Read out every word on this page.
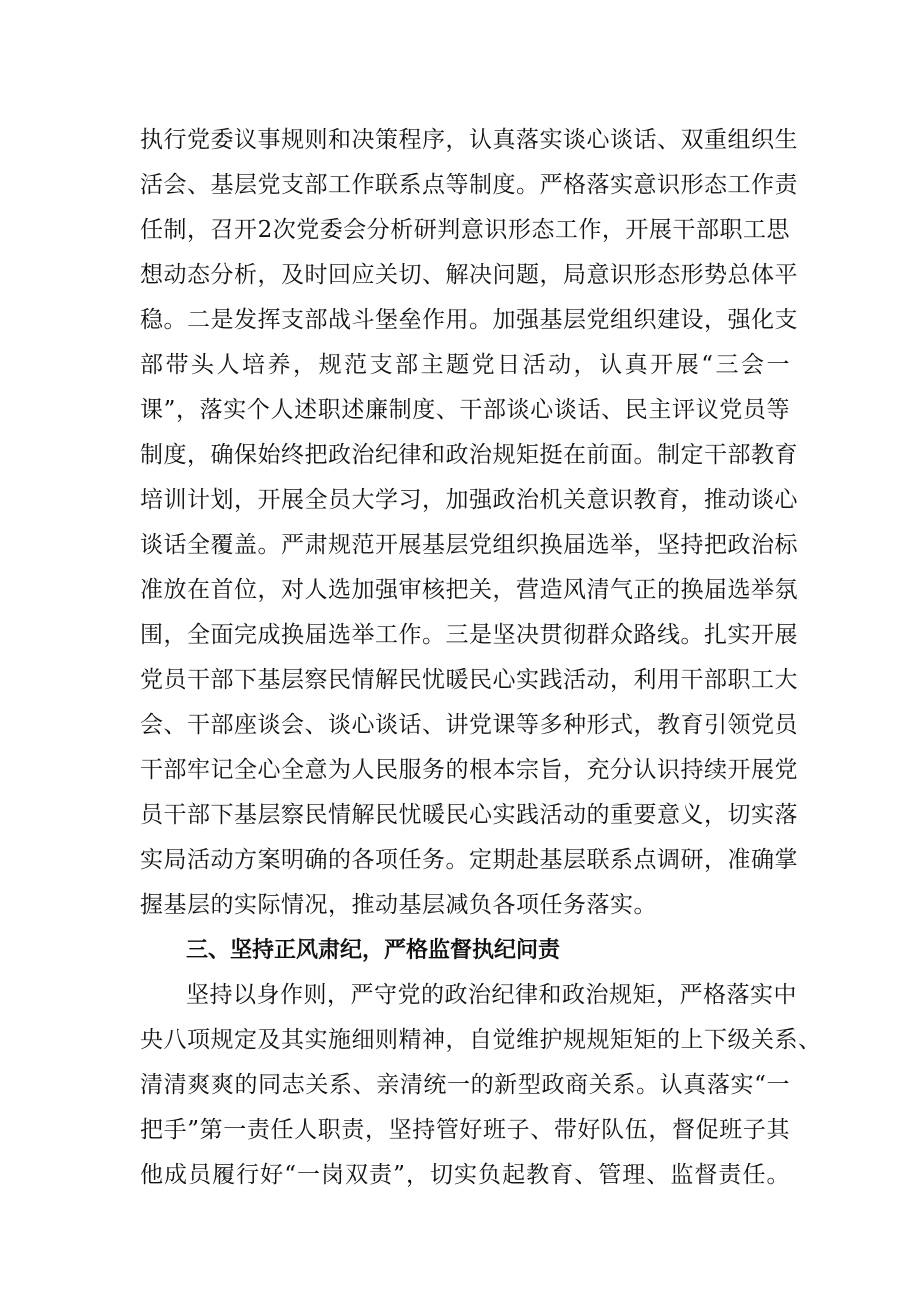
执行党委议事规则和决策程序，认真落实谈心谈话、双重组织生
活会、基层党支部工作联系点等制度。严格落实意识形态工作责
任制，召开2次党委会分析研判意识形态工作，开展干部职工思
想动态分析，及时回应关切、解决问题，局意识形态形势总体平
稳。二是发挥支部战斗堡垒作用。加强基层党组织建设，强化支
部带头人培养，规范支部主题党日活动，认真开展“三会一
课”，落实个人述职述廉制度、干部谈心谈话、民主评议党员等
制度，确保始终把政治纪律和政治规矩挺在前面。制定干部教育
培训计划，开展全员大学习，加强政治机关意识教育，推动谈心
谈话全覆盖。严肃规范开展基层党组织换届选举，坚持把政治标
准放在首位，对人选加强审核把关，营造风清气正的换届选举氛
围，全面完成换届选举工作。三是坚决贯彻群众路线。扎实开展
党员干部下基层察民情解民忧暖民心实践活动，利用干部职工大
会、干部座谈会、谈心谈话、讲党课等多种形式，教育引领党员
干部牢记全心全意为人民服务的根本宗旨，充分认识持续开展党
员干部下基层察民情解民忧暖民心实践活动的重要意义，切实落
实局活动方案明确的各项任务。定期赴基层联系点调研，准确掌
握基层的实际情况，推动基层减负各项任务落实。
三、坚持正风肃纪，严格监督执纪问责
坚持以身作则，严守党的政治纪律和政治规矩，严格落实中
央八项规定及其实施细则精神，自觉维护规规矩矩的上下级关系、
清清爽爽的同志关系、亲清统一的新型政商关系。认真落实“一
把手”第一责任人职责，坚持管好班子、带好队伍，督促班子其
他成员履行好“一岗双责”，切实负起教育、管理、监督责任。
